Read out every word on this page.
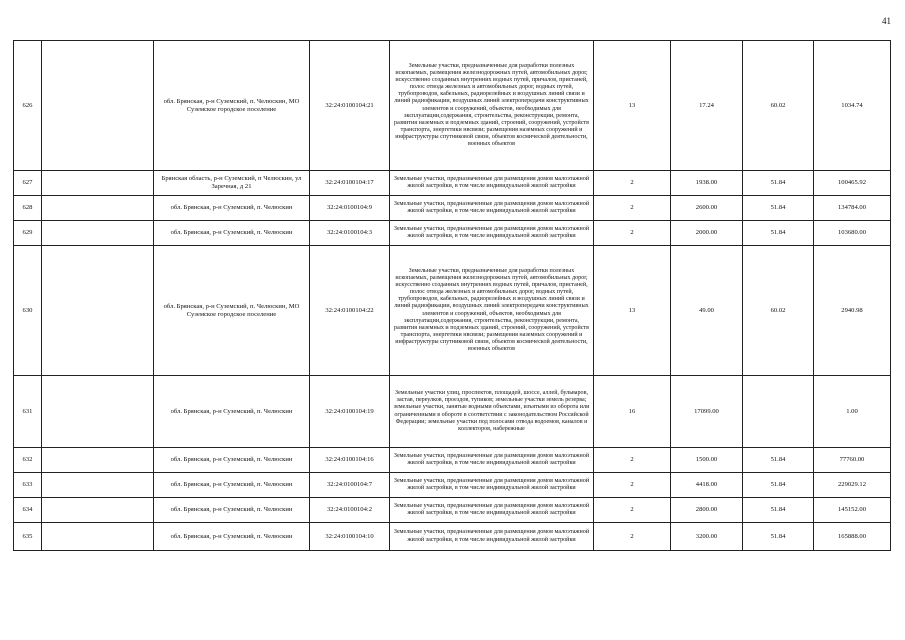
41
626		обл. Брянская, р-н Суземский, п. Челюскин, МО Суземское городское поселение	32:24:0100104:21	Земельные участки, предназначенные для разработки полезных ископаемых, размещения железнодорожных путей, автомобильных дорог, искусственно созданных внутренних водных путей, причалов, пристаней, полос отвода железных и автомобильных дорог, водных путей, трубопроводов, кабельных, радиорелейных и воздушных линий связи и линий радиофикации, воздушных линий электропередачи конструктивных элементов и сооружений, объектов, необходимых для эксплуатации,содержания, строительства, реконструкции, ремонта, развития наземных и подземных зданий, строений, сооружений, устройств транспорта, энергетики нвсвязи; размещения наземных сооружений и инфраструктуры спутниковой связи, объектов космической деятельности, военных объектов	13	17.24	60.02	1034.74
627		Брянская область, р-н Суземский, п Челюскин, ул Заречная, д 21	32:24:0100104:17	Земельные участки, предназначенные для размещения домов малоэтажной жилой застройки, в том числе индивидуальной жилой застройки	2	1938.00	51.84	100465.92
628		обл. Брянская, р-н Суземский, п. Челюскин	32:24:0100104:9	Земельные участки, предназначенные для размещения домов малоэтажной жилой застройки, в том числе индивидуальной жилой застройки	2	2600.00	51.84	134784.00
629		обл. Брянская, р-н Суземский, п. Челюскин	32:24:0100104:3	Земельные участки, предназначенные для размещения домов малоэтажной жилой застройки, в том числе индивидуальной жилой застройки	2	2000.00	51.84	103680.00
630		обл. Брянская, р-н Суземский, п. Челюскин, МО Суземское городское поселение	32:24:0100104:22	Земельные участки, предназначенные для разработки полезных ископаемых, размещения железнодорожных путей, автомобильных дорог, искусственно созданных внутренних водных путей, причалов, пристаней, полос отвода железных и автомобильных дорог, водных путей, трубопроводов, кабельных, радиорелейных и воздушных линий связи и линий радиофикации, воздушных линий электропередачи конструктивных элементов и сооружений, объектов, необходимых для эксплуатации,содержания, строительства, реконструкции, ремонта, развития наземных и подземных зданий, строений, сооружений, устройств транспорта, энергетики нвсвязи; размещения наземных сооружений и инфраструктуры спутниковой связи, объектов космической деятельности, военных объектов	13	49.00	60.02	2940.98
631		обл. Брянская, р-н Суземский, п. Челюскин	32:24:0100104:19	Земельные участки улиц, проспектов, площадей, шоссе, аллей, бульваров, застав, переулков, проездов, тупиков; земельные участки земель резерва; земельные участки, занятые водными объектами, изъятыми из оборота или ограниченными в обороте в соответствии с законодательством Российской Федерации; земельные участки под полосами отвода водоемов, каналов и коллекторов, набережные	16	17099.00		1.00
632		обл. Брянская, р-н Суземский, п. Челюскин	32:24:0100104:16	Земельные участки, предназначенные для размещения домов малоэтажной жилой застройки, в том числе индивидуальной жилой застройки	2	1500.00	51.84	77760.00
633		обл. Брянская, р-н Суземский, п. Челюскин	32:24:0100104:7	Земельные участки, предназначенные для размещения домов малоэтажной жилой застройки, в том числе индивидуальной жилой застройки	2	4418.00	51.84	229029.12
634		обл. Брянская, р-н Суземский, п. Челюскин	32:24:0100104:2	Земельные участки, предназначенные для размещения домов малоэтажной жилой застройки, в том числе индивидуальной жилой застройки	2	2800.00	51.84	145152.00
635		обл. Брянская, р-н Суземский, п. Челюскин	32:24:0100104:10	Земельные участки, предназначенные для размещения домов малоэтажной жилой застройки, в том числе индивидуальной жилой застройки	2	3200.00	51.84	165888.00
